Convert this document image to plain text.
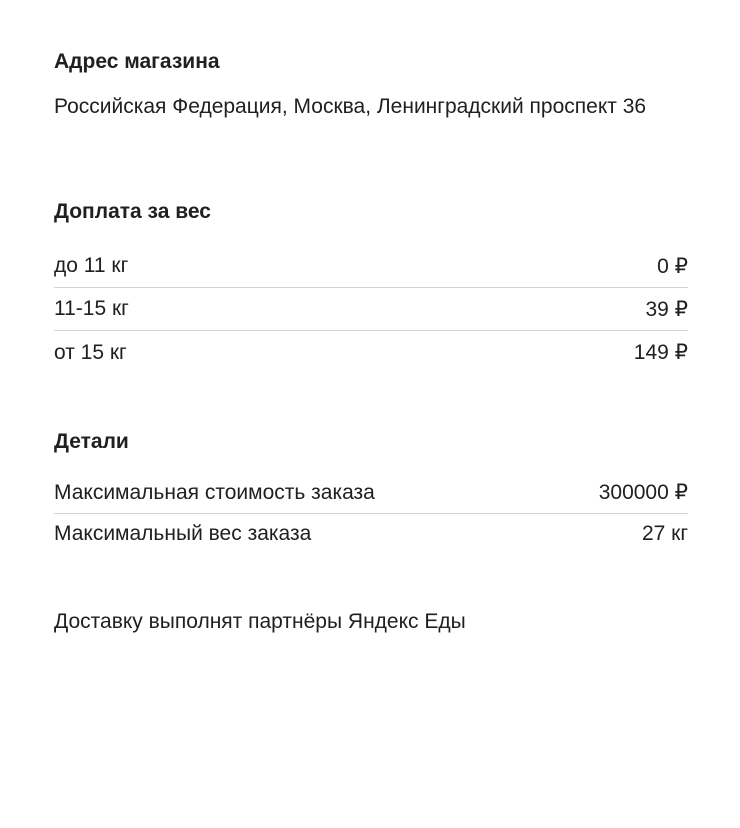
Адрес магазина
Российская Федерация, Москва, Ленинградский проспект 36
Доплата за вес
до 11 кг	0 ₽
11-15 кг	39 ₽
от 15 кг	149 ₽
Детали
Максимальная стоимость заказа	300000 ₽
Максимальный вес заказа	27 кг
Доставку выполнят партнёры Яндекс Еды
